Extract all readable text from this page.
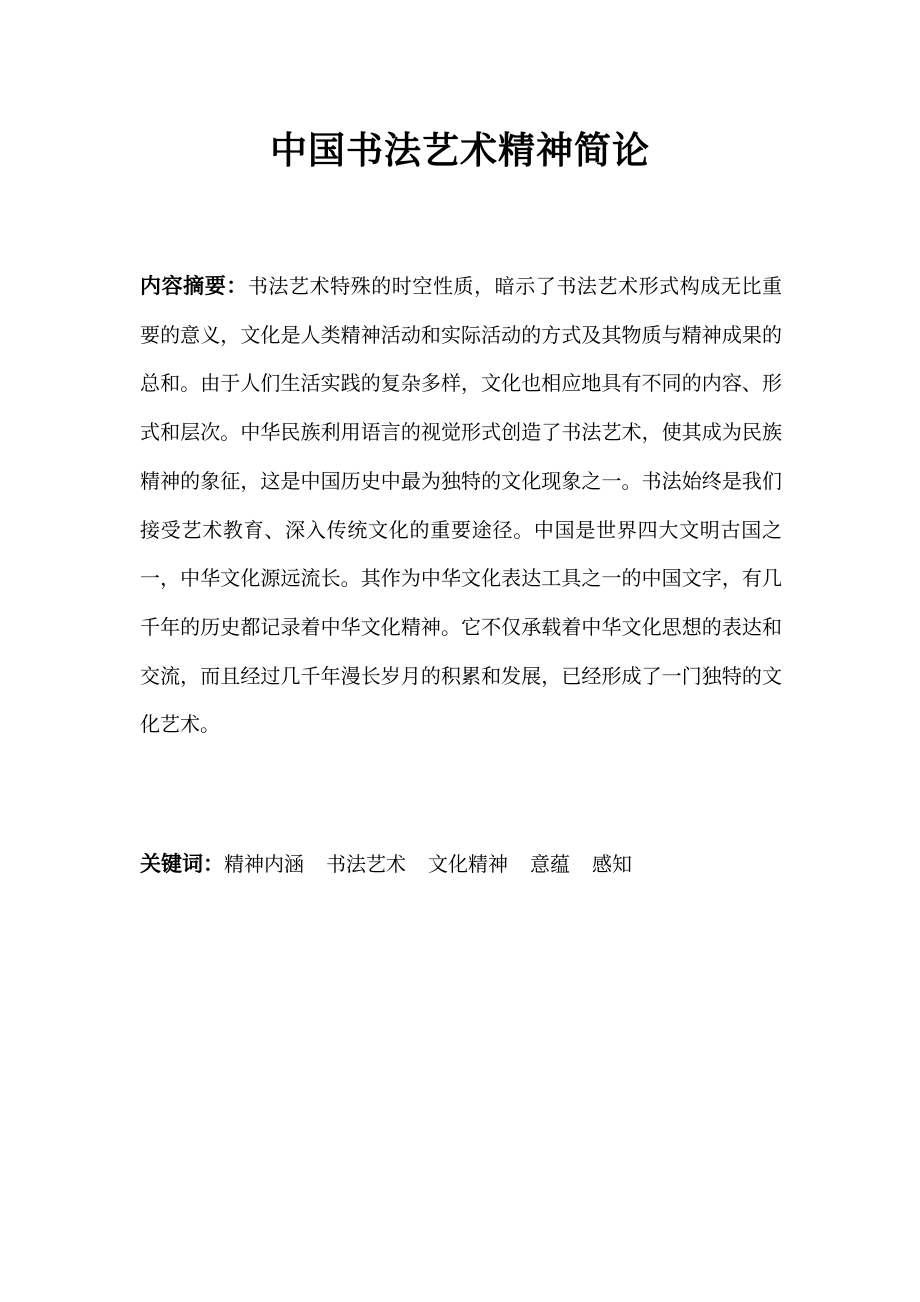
中国书法艺术精神简论

内容摘要：书法艺术特殊的时空性质，暗示了书法艺术形式构成无比重要的意义，文化是人类精神活动和实际活动的方式及其物质与精神成果的总和。由于人们生活实践的复杂多样，文化也相应地具有不同的内容、形式和层次。中华民族利用语言的视觉形式创造了书法艺术，使其成为民族精神的象征，这是中国历史中最为独特的文化现象之一。书法始终是我们接受艺术教育、深入传统文化的重要途径。中国是世界四大文明古国之一，中华文化源远流长。其作为中华文化表达工具之一的中国文字，有几千年的历史都记录着中华文化精神。它不仅承载着中华文化思想的表达和交流，而且经过几千年漫长岁月的积累和发展，已经形成了一门独特的文化艺术。

关键词：精神内涵 书法艺术 文化精神 意蕴 感知
